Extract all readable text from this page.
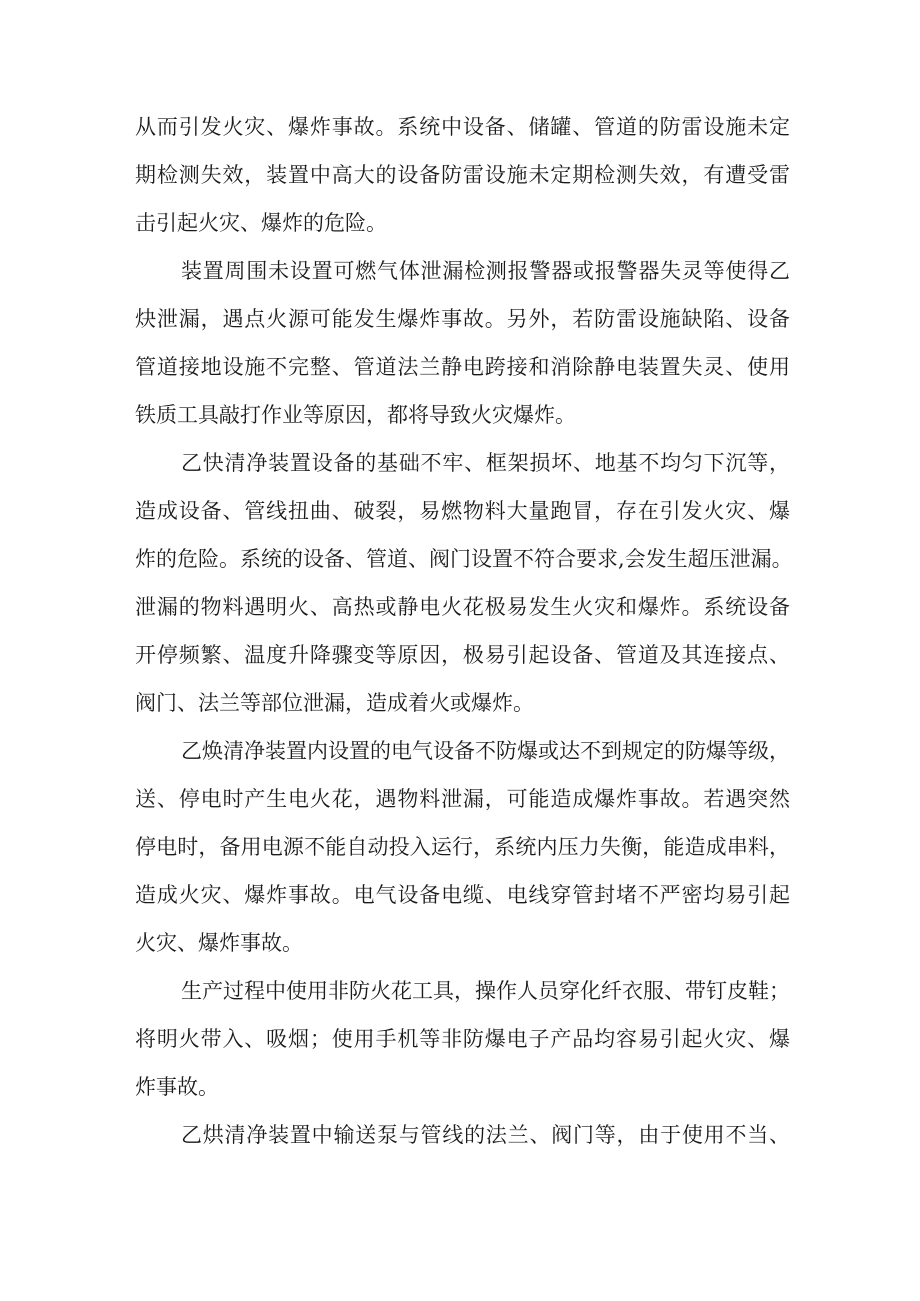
从而引发火灾、爆炸事故。系统中设备、储罐、管道的防雷设施未定
期检测失效，装置中高大的设备防雷设施未定期检测失效，有遭受雷
击引起火灾、爆炸的危险。
装置周围未设置可燃气体泄漏检测报警器或报警器失灵等使得乙
炔泄漏，遇点火源可能发生爆炸事故。另外，若防雷设施缺陷、设备
管道接地设施不完整、管道法兰静电跨接和消除静电装置失灵、使用
铁质工具敲打作业等原因，都将导致火灾爆炸。
乙快清净装置设备的基础不牢、框架损坏、地基不均匀下沉等，
造成设备、管线扭曲、破裂，易燃物料大量跑冒，存在引发火灾、爆
炸的危险。系统的设备、管道、阀门设置不符合要求,会发生超压泄漏。
泄漏的物料遇明火、高热或静电火花极易发生火灾和爆炸。系统设备
开停频繁、温度升降骤变等原因，极易引起设备、管道及其连接点、
阀门、法兰等部位泄漏，造成着火或爆炸。
乙焕清净装置内设置的电气设备不防爆或达不到规定的防爆等级，
送、停电时产生电火花，遇物料泄漏，可能造成爆炸事故。若遇突然
停电时，备用电源不能自动投入运行，系统内压力失衡，能造成串料，
造成火灾、爆炸事故。电气设备电缆、电线穿管封堵不严密均易引起
火灾、爆炸事故。
生产过程中使用非防火花工具，操作人员穿化纤衣服、带钉皮鞋；
将明火带入、吸烟；使用手机等非防爆电子产品均容易引起火灾、爆
炸事故。
乙烘清净装置中输送泵与管线的法兰、阀门等，由于使用不当、
